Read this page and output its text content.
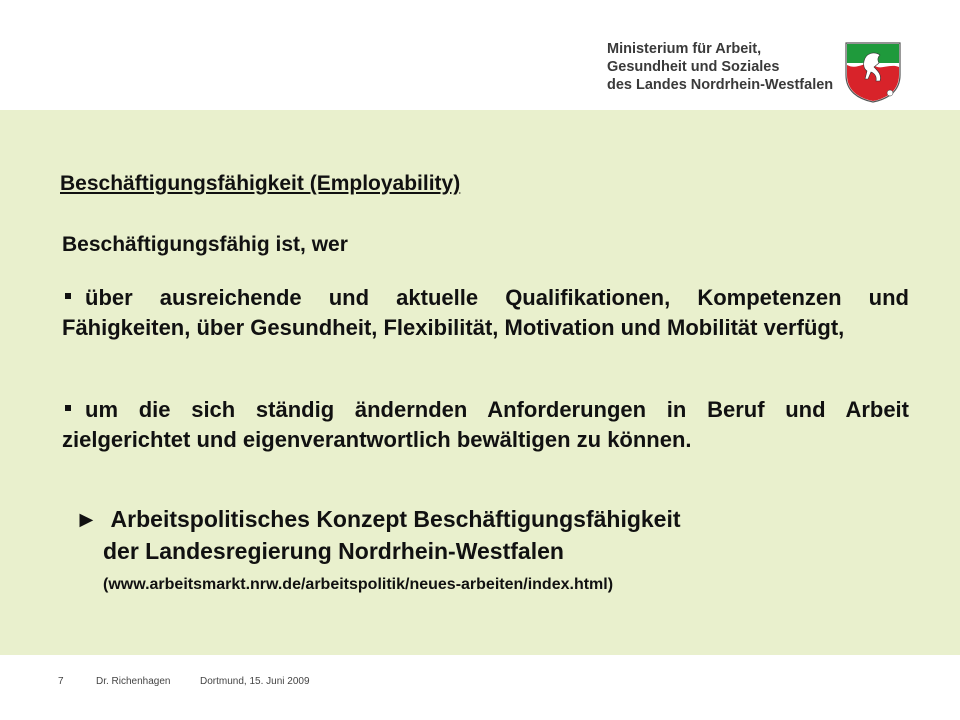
Ministerium für Arbeit,
Gesundheit und Soziales
des Landes Nordrhein-Westfalen
Beschäftigungsfähigkeit (Employability)
Beschäftigungsfähig ist, wer
über ausreichende und aktuelle Qualifikationen, Kompetenzen und Fähigkeiten, über Gesundheit, Flexibilität, Motivation und Mobilität verfügt,
um die sich ständig ändernden Anforderungen in Beruf und Arbeit zielgerichtet und eigenverantwortlich bewältigen zu können.
► Arbeitspolitisches Konzept Beschäftigungsfähigkeit
der Landesregierung Nordrhein-Westfalen
(www.arbeitsmarkt.nrw.de/arbeitspolitik/neues-arbeiten/index.html)
7	Dr. Richenhagen	Dortmund, 15. Juni 2009
